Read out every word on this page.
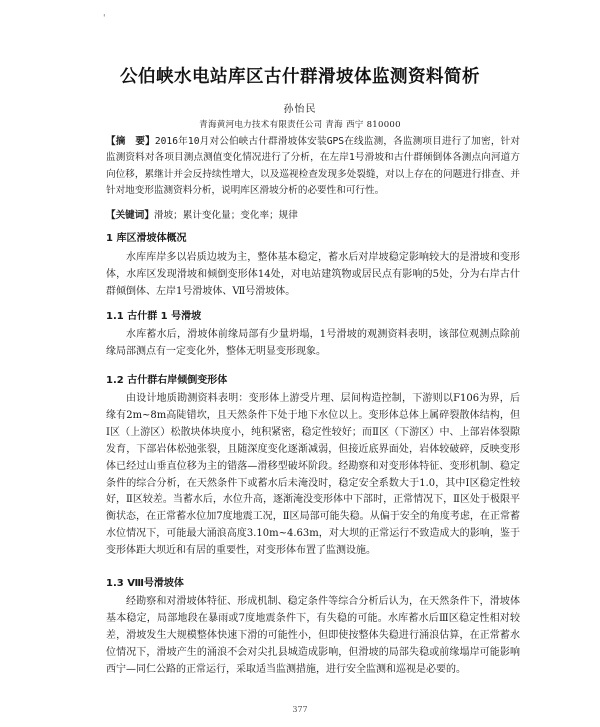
'
公伯峡水电站库区古什群滑坡体监测资料简析
孙怡民
青海黄河电力技术有限责任公司 青海 西宁 810000

【摘　要】2016年10月对公伯峡古什群滑坡体安装GPS在线监测，各监测项目进行了加密，针对监测资料对各项目测点测值变化情况进行了分析，在左岸1号滑坡和古什群倾倒体各测点向河道方向位移，累继计并会反持续性增大，以及巡视检查发现多处裂缝，对以上存在的问题进行排查、并针对地变形监测资料分析，说明库区滑坡分析的必要性和可行性。

【关键词】滑坡；累计变化量；变化率；规律

1 库区滑坡体概况

水库库岸多以岩质边坡为主，整体基本稳定，蓄水后对岸坡稳定影响较大的是滑坡和变形体，水库区发现滑坡和倾倒变形体14处，对电站建筑物或居民点有影响的5处，分为右岸古什群倾倒体、左岸1号滑坡体、Ⅶ号滑坡体。

1.1 古什群 1 号滑坡

水库蓄水后，滑坡体前缘局部有少量坍塌，1号滑坡的观测资料表明，该部位观测点除前缘局部测点有一定变化外，整体无明显变形现象。

1.2 古什群右岸倾倒变形体

由设计地质勘测资料表明：变形体上游受片理、层间构造控制，下游则以F106为界，后缘有2m~8m高陡错坎，且天然条件下处于地下水位以上。变形体总体上属碎裂散体结构，但Ⅰ区（上游区）松散块体块度小，纯积紧密，稳定性较好；而Ⅱ区（下游区）中、上部岩体裂隙发育，下部岩体松弛张裂，且随深度变化逐渐减弱，但接近底界面处，岩体较破碎，反映变形体已经过山垂直位移为主的错落—滑移型破坏阶段。经勘察和对变形体特征、变形机制、稳定条件的综合分析，在天然条件下或蓄水后未淹没时，稳定安全系数大于1.0，其中Ⅰ区稳定性较好，Ⅱ区较差。当蓄水后，水位升高，逐渐淹没变形体中下部时，正常情况下，Ⅱ区处于极限平衡状态，在正常蓄水位加7度地震工况，Ⅱ区局部可能失稳。从偏于安全的角度考虑，在正常蓄水位情况下，可能最大涌浪高度3.10m~4.63m，对大坝的正常运行不致造成大的影响，鉴于变形体距大坝近和有居的重要性，对变形体布置了监测设施。

1.3 Ⅷ号滑坡体

经勘察和对滑坡体特征、形成机制、稳定条件等综合分析后认为，在天然条件下，滑坡体基本稳定，局部地段在暴雨或7度地震条件下，有失稳的可能。水库蓄水后Ⅲ区稳定性相对较差，滑坡发生大规模整体快速下滑的可能性小，但即使按整体失稳进行涌浪估算，在正常蓄水位情况下，滑坡产生的涌浪不会对尖扎县城造成影响，但滑坡的局部失稳或前缘塌岸可能影响西宁—同仁公路的正常运行，采取适当监测措施，进行安全监测和巡视是必要的。

377
